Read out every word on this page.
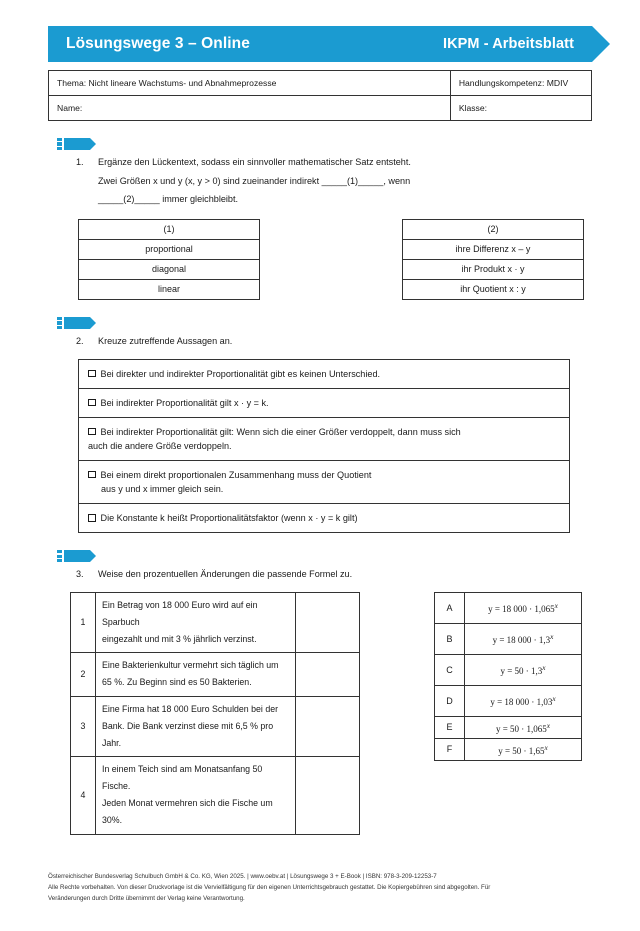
Lösungswege 3 – Online	IKPM - Arbeitsblatt
Thema: Nicht lineare Wachstums- und Abnahmeprozesse	Handlungskompetenz: MDIV
Name:	Klasse:
1.	Ergänze den Lückentext, sodass ein sinnvoller mathematischer Satz entsteht.
Zwei Größen x und y (x, y > 0) sind zueinander indirekt _____(1)_____, wenn
_____(2)_____ immer gleichbleibt.
(1)
proportional
diagonal
linear
(2)
ihre Differenz x – y
ihr Produkt x · y
ihr Quotient x : y
2.	Kreuze zutreffende Aussagen an.
Bei direkter und indirekter Proportionalität gibt es keinen Unterschied.
Bei indirekter Proportionalität gilt x · y = k.
Bei indirekter Proportionalität gilt: Wenn sich die einer Größer verdoppelt, dann muss sich
auch die andere Größe verdoppeln.

Bei einem direkt proportionalen Zusammenhang muss der Quotient
aus y und x immer gleich sein.

Die Konstante k heißt Proportionalitätsfaktor (wenn x · y = k gilt)
3.	Weise den prozentuellen Änderungen die passende Formel zu.
1	Ein Betrag von 18 000 Euro wird auf ein Sparbuch
eingezahlt und mit 3 % jährlich verzinst.	
2	Eine Bakterienkultur vermehrt sich täglich um
65 %. Zu Beginn sind es 50 Bakterien.	
3	Eine Firma hat 18 000 Euro Schulden bei der
Bank. Die Bank verzinst diese mit 6,5 % pro Jahr.	
4	In einem Teich sind am Monatsanfang 50 Fische.
Jeden Monat vermehren sich die Fische um 30%.	
A	y = 18 $000 \cdot 1,065^x$
B	y = 18 $000 \cdot 1,3^x$
C	$y = 50 \cdot 1,3^x$
D	y = 18 $000 \cdot 1,03^x$
E	$y = 50 \cdot 1,065^x$
F	$y = 50 \cdot 1,65^x$
Österreichischer Bundesverlag Schulbuch GmbH & Co. KG, Wien 2025. | www.oebv.at | Lösungswege 3 + E-Book | ISBN: 978-3-209-12253-7
Alle Rechte vorbehalten. Von dieser Druckvorlage ist die Vervielfältigung für den eigenen Unterrichtsgebrauch gestattet. Die Kopiergebühren sind abgegolten. Für
Veränderungen durch Dritte übernimmt der Verlag keine Verantwortung.
